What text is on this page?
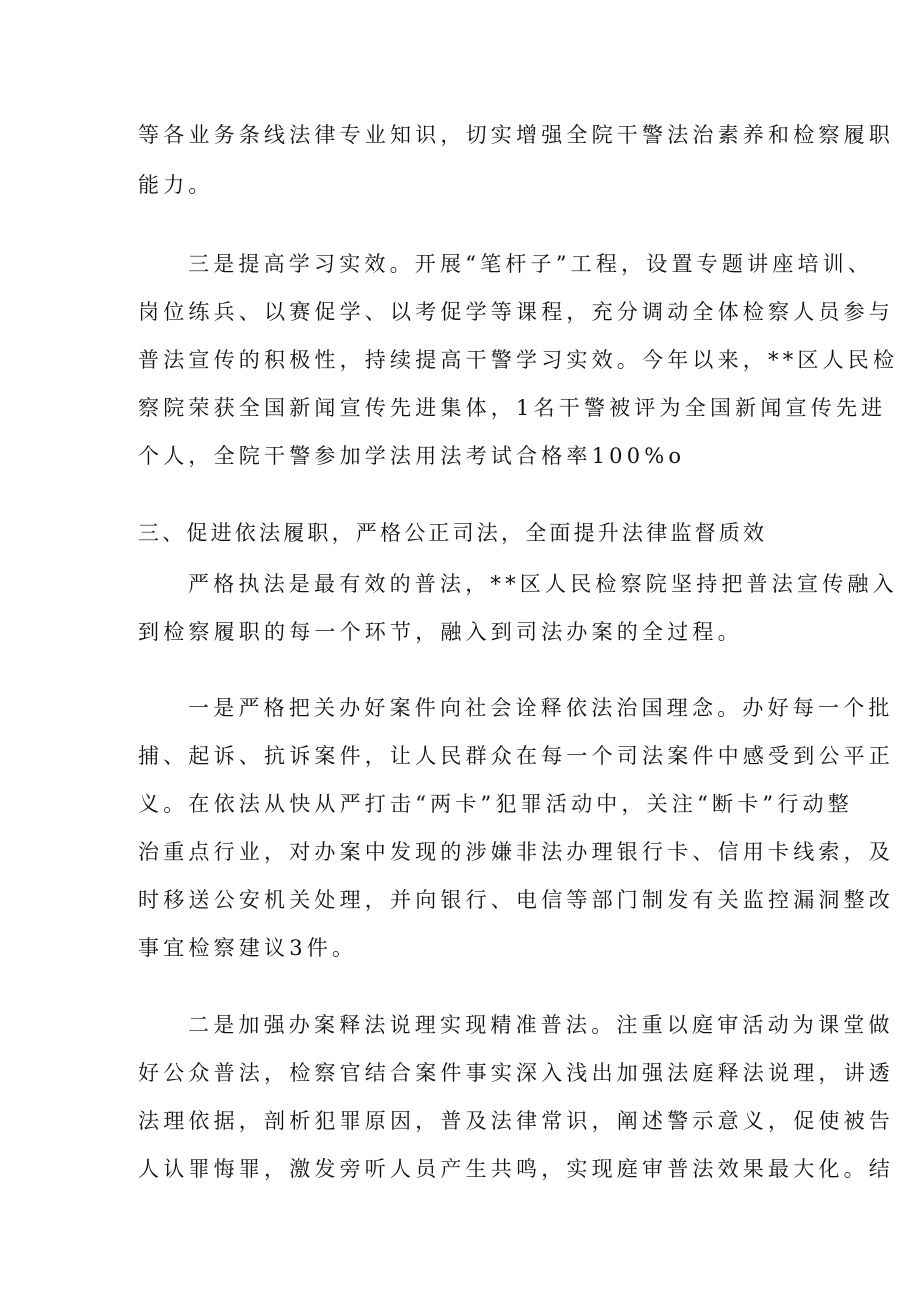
等各业务条线法律专业知识，切实增强全院干警法治素养和检察履职

能力。

三是提高学习实效。开展“笔杆子”工程，设置专题讲座培训、

岗位练兵、以赛促学、以考促学等课程，充分调动全体检察人员参与

普法宣传的积极性，持续提高干警学习实效。今年以来，**区人民检

察院荣获全国新闻宣传先进集体，1名干警被评为全国新闻宣传先进

个人，全院干警参加学法用法考试合格率100%o

三、促进依法履职，严格公正司法，全面提升法律监督质效

严格执法是最有效的普法，**区人民检察院坚持把普法宣传融入

到检察履职的每一个环节，融入到司法办案的全过程。

一是严格把关办好案件向社会诠释依法治国理念。办好每一个批

捕、起诉、抗诉案件，让人民群众在每一个司法案件中感受到公平正

义。在依法从快从严打击“两卡”犯罪活动中，关注“断卡”行动整

治重点行业，对办案中发现的涉嫌非法办理银行卡、信用卡线索，及

时移送公安机关处理，并向银行、电信等部门制发有关监控漏洞整改

事宜检察建议3件。

二是加强办案释法说理实现精准普法。注重以庭审活动为课堂做

好公众普法，检察官结合案件事实深入浅出加强法庭释法说理，讲透

法理依据，剖析犯罪原因，普及法律常识，阐述警示意义，促使被告

人认罪悔罪，激发旁听人员产生共鸣，实现庭审普法效果最大化。结
